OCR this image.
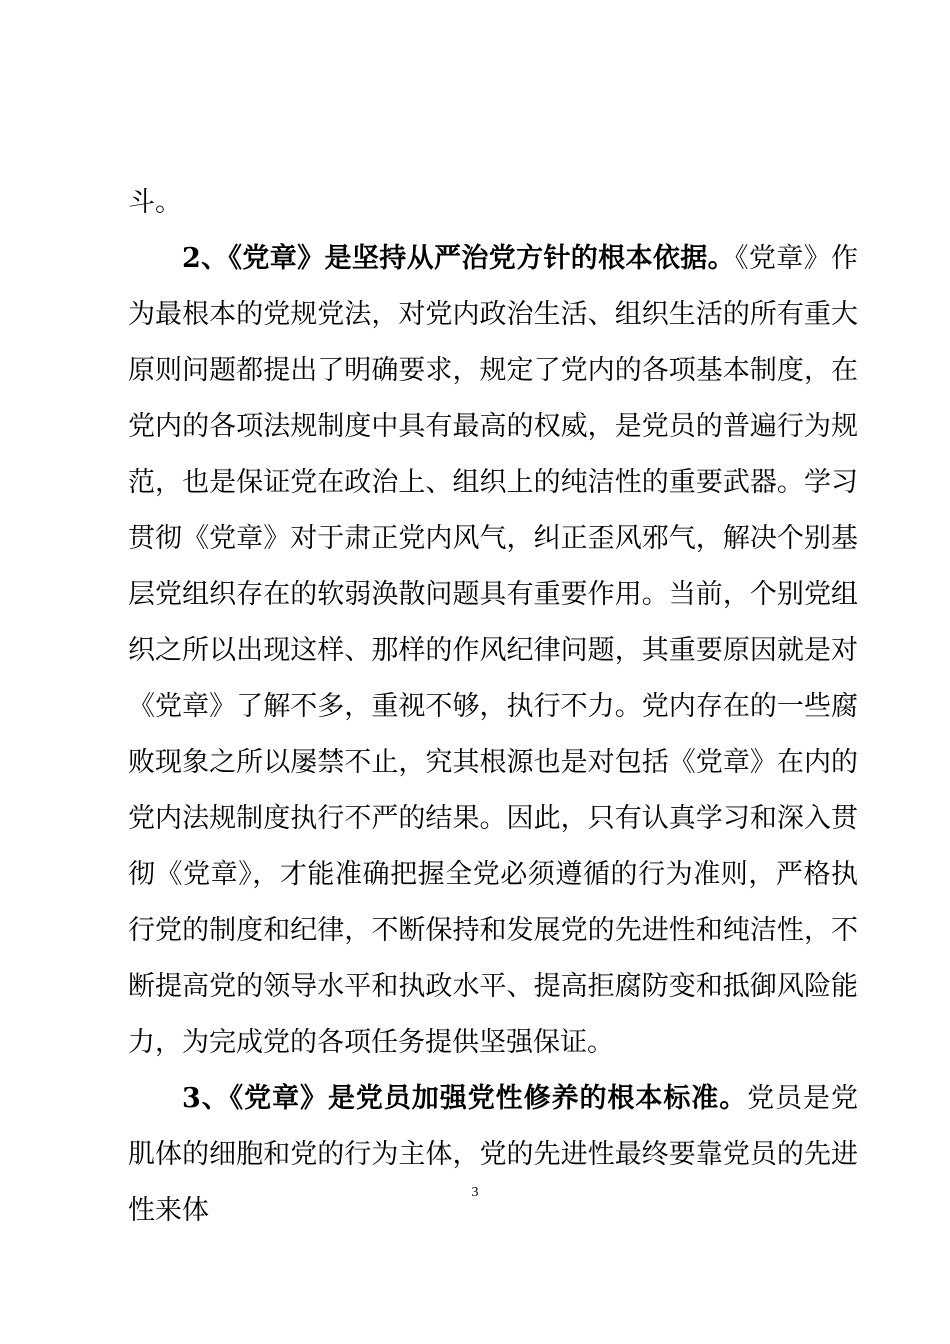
斗。

2、《党章》是坚持从严治党方针的根本依据。《党章》作为最根本的党规党法，对党内政治生活、组织生活的所有重大原则问题都提出了明确要求，规定了党内的各项基本制度，在党内的各项法规制度中具有最高的权威，是党员的普遍行为规范，也是保证党在政治上、组织上的纯洁性的重要武器。学习贯彻《党章》对于肃正党内风气，纠正歪风邪气，解决个别基层党组织存在的软弱涣散问题具有重要作用。当前，个别党组织之所以出现这样、那样的作风纪律问题，其重要原因就是对《党章》了解不多，重视不够，执行不力。党内存在的一些腐败现象之所以屡禁不止，究其根源也是对包括《党章》在内的党内法规制度执行不严的结果。因此，只有认真学习和深入贯彻《党章》，才能准确把握全党必须遵循的行为准则，严格执行党的制度和纪律，不断保持和发展党的先进性和纯洁性，不断提高党的领导水平和执政水平、提高拒腐防变和抵御风险能力，为完成党的各项任务提供坚强保证。

3、《党章》是党员加强党性修养的根本标准。党员是党肌体的细胞和党的行为主体，党的先进性最终要靠党员的先进性来体

3
